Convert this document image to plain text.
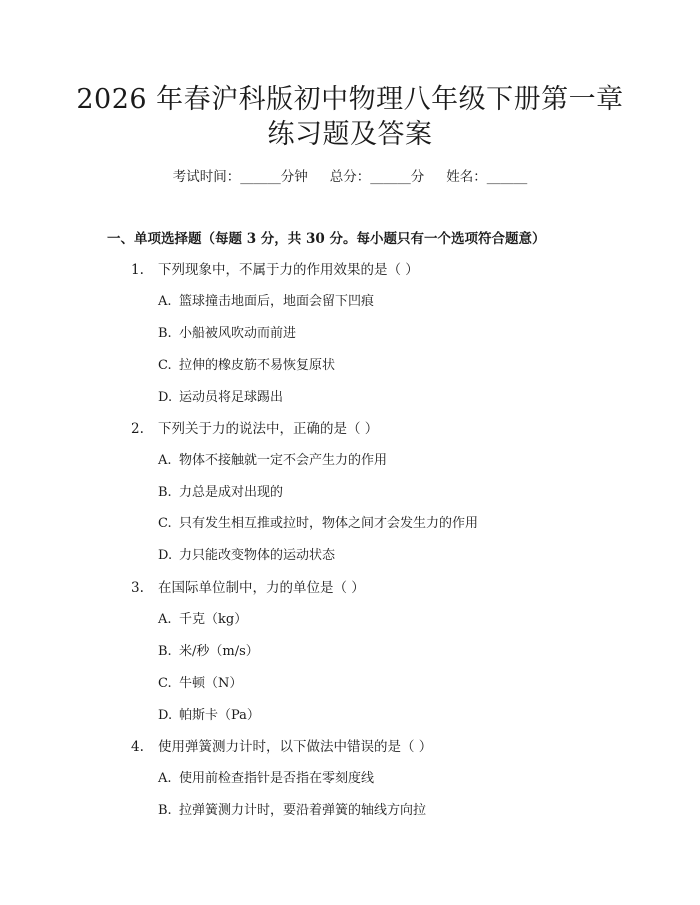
2026 年春沪科版初中物理八年级下册第一章
练习题及答案
考试时间：______分钟 总分：______分 姓名：______
一、单项选择题（每题 3 分，共 30 分。每小题只有一个选项符合题意）
1. 下列现象中，不属于力的作用效果的是（ ）
A. 篮球撞击地面后，地面会留下凹痕
B. 小船被风吹动而前进
C. 拉伸的橡皮筋不易恢复原状
D. 运动员将足球踢出
2. 下列关于力的说法中，正确的是（ ）
A. 物体不接触就一定不会产生力的作用
B. 力总是成对出现的
C. 只有发生相互推或拉时，物体之间才会发生力的作用
D. 力只能改变物体的运动状态
3. 在国际单位制中，力的单位是（ ）
A. 千克（kg）
B. 米/秒（m/s）
C. 牛顿（N）
D. 帕斯卡（Pa）
4. 使用弹簧测力计时，以下做法中错误的是（ ）
A. 使用前检查指针是否指在零刻度线
B. 拉弹簧测力计时，要沿着弹簧的轴线方向拉
